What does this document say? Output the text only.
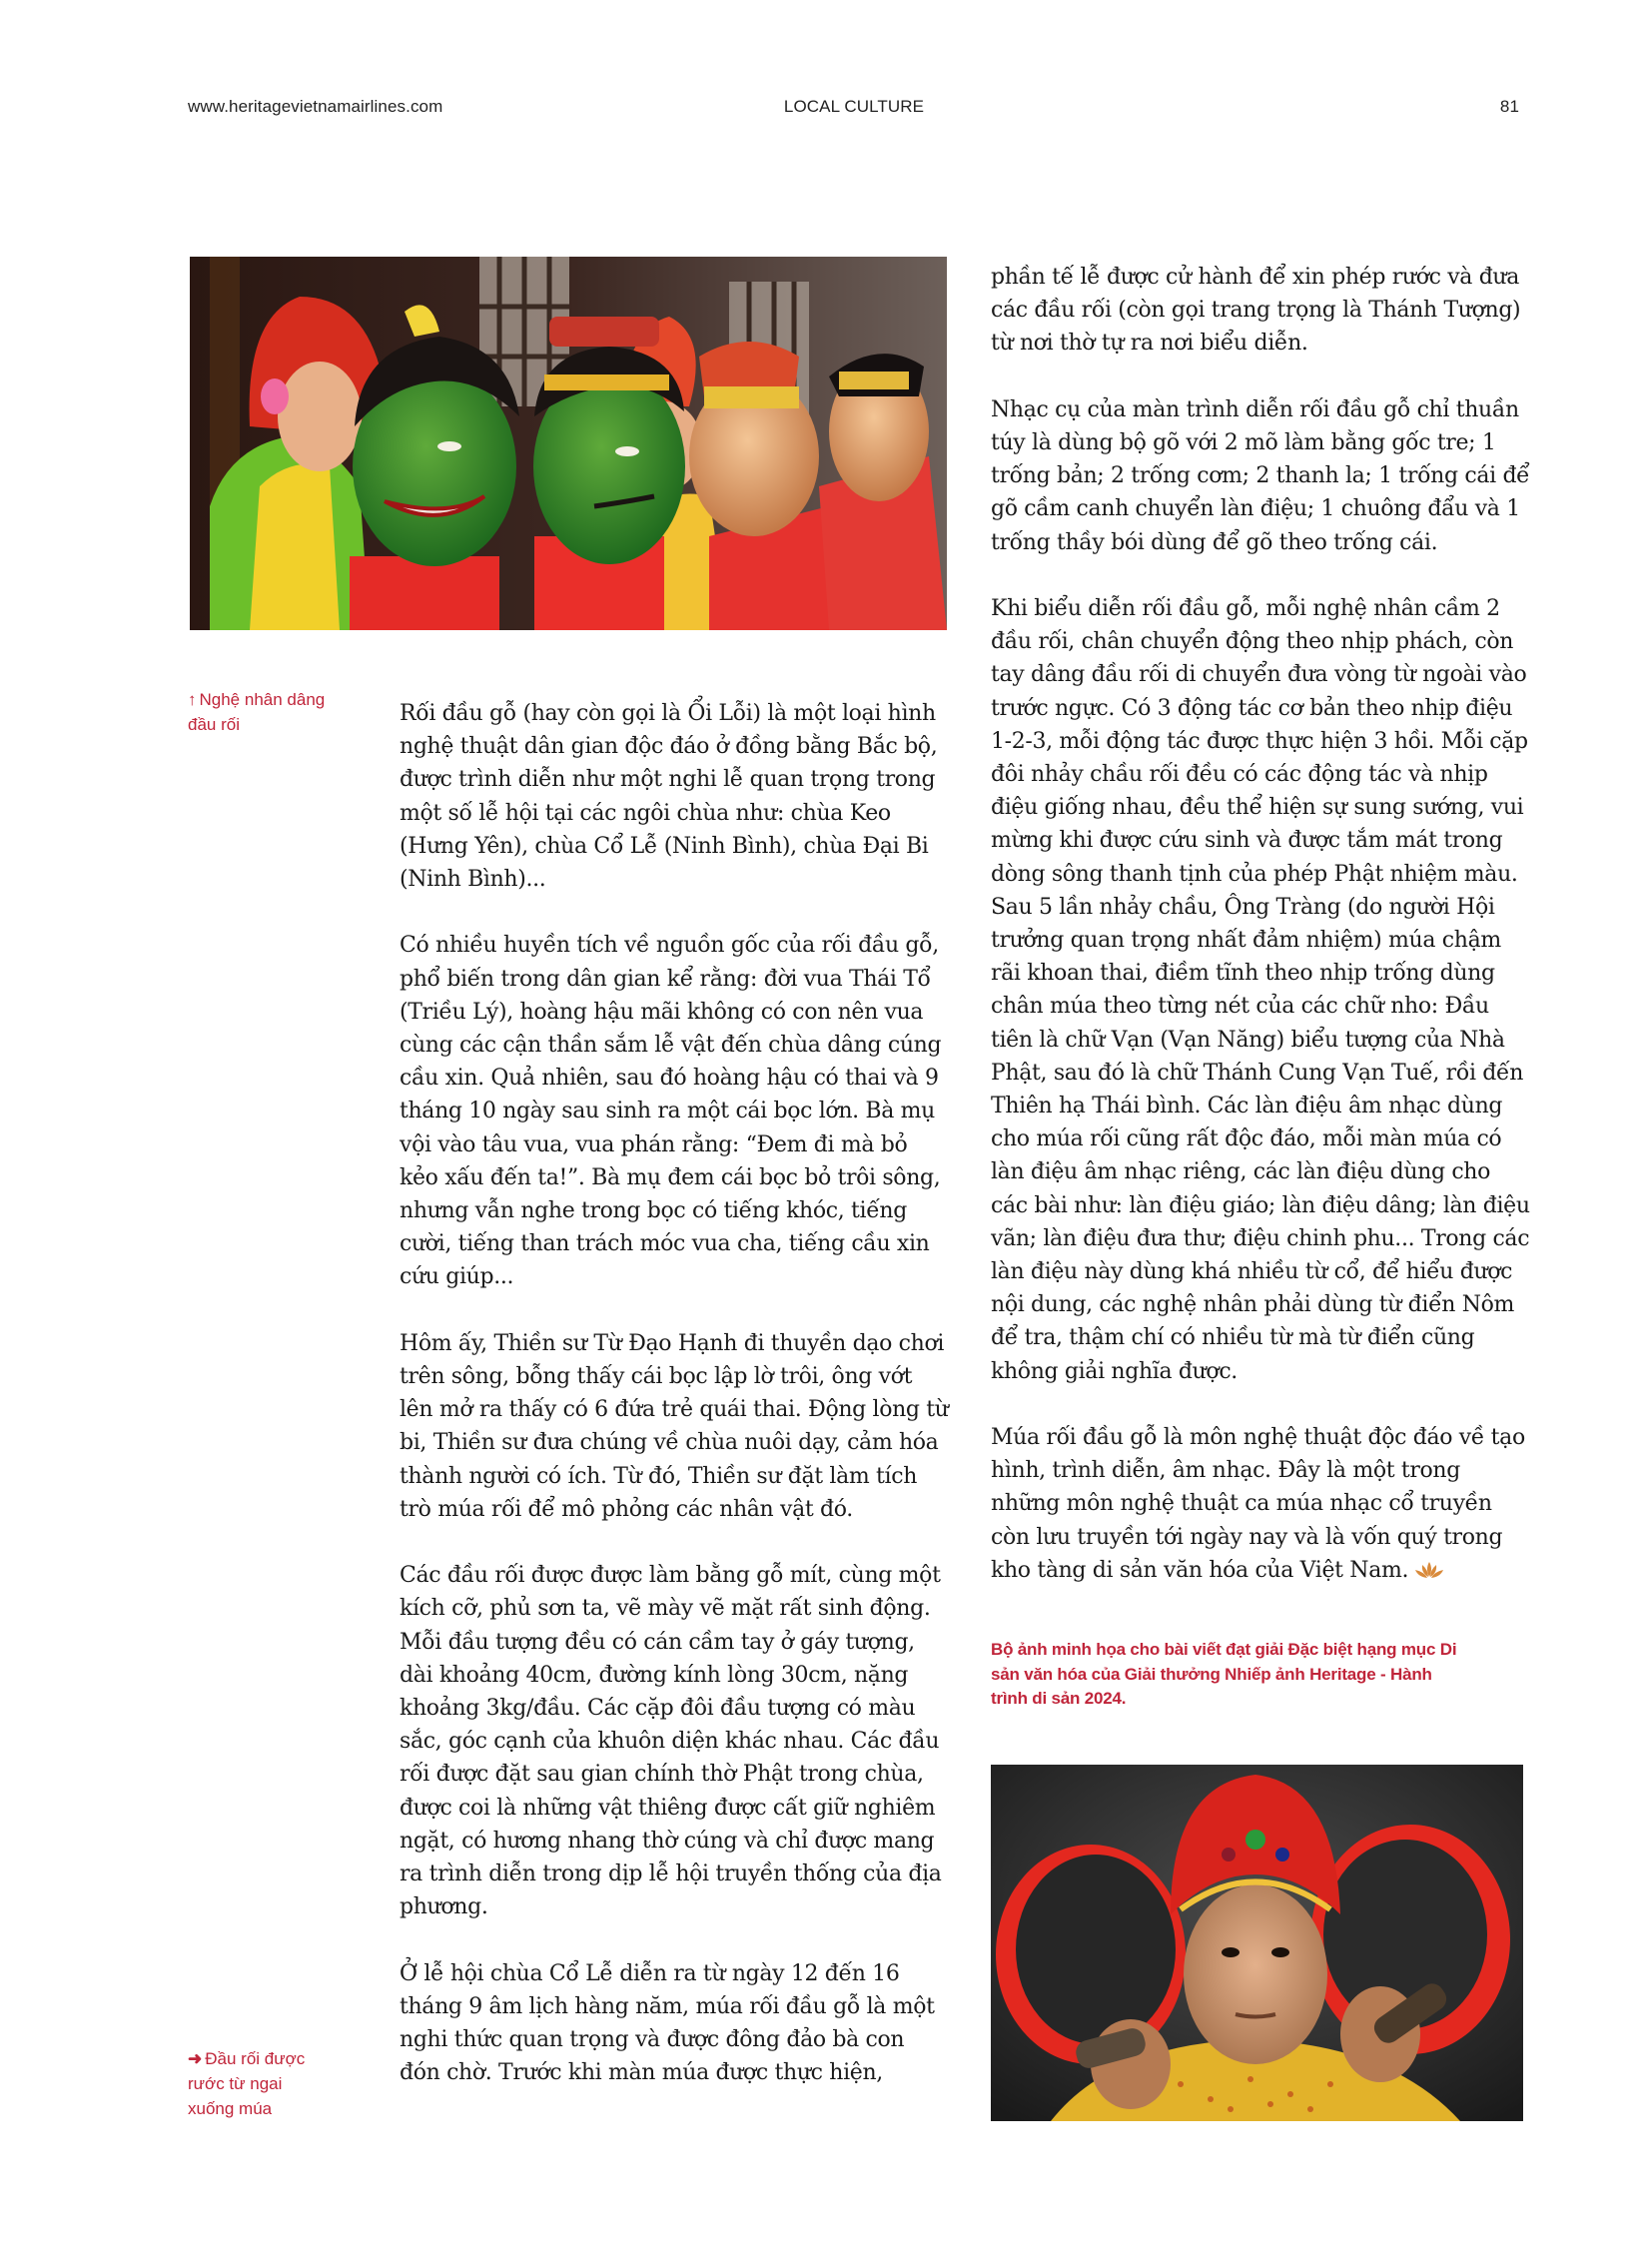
www.heritagevietnamairlines.com	LOCAL CULTURE	81
↑ Nghệ nhân dâng đầu rối
➜ Đầu rối được rước từ ngai xuống múa

Rối đầu gỗ (hay còn gọi là Ổi Lỗi) là một loại hình nghệ thuật dân gian độc đáo ở đồng bằng Bắc bộ, được trình diễn như một nghi lễ quan trọng trong một số lễ hội tại các ngôi chùa như: chùa Keo (Hưng Yên), chùa Cổ Lễ (Ninh Bình), chùa Đại Bi (Ninh Bình)...

Có nhiều huyền tích về nguồn gốc của rối đầu gỗ, phổ biến trong dân gian kể rằng: đời vua Thái Tổ (Triều Lý), hoàng hậu mãi không có con nên vua cùng các cận thần sắm lễ vật đến chùa dâng cúng cầu xin. Quả nhiên, sau đó hoàng hậu có thai và 9 tháng 10 ngày sau sinh ra một cái bọc lớn. Bà mụ vội vào tâu vua, vua phán rằng: “Đem đi mà bỏ kẻo xấu đến ta!”. Bà mụ đem cái bọc bỏ trôi sông, nhưng vẫn nghe trong bọc có tiếng khóc, tiếng cười, tiếng than trách móc vua cha, tiếng cầu xin cứu giúp...

Hôm ấy, Thiền sư Từ Đạo Hạnh đi thuyền dạo chơi trên sông, bỗng thấy cái bọc lập lờ trôi, ông vớt lên mở ra thấy có 6 đứa trẻ quái thai. Động lòng từ bi, Thiền sư đưa chúng về chùa nuôi dạy, cảm hóa thành người có ích. Từ đó, Thiền sư đặt làm tích trò múa rối để mô phỏng các nhân vật đó.

Các đầu rối được được làm bằng gỗ mít, cùng một kích cỡ, phủ sơn ta, vẽ mày vẽ mặt rất sinh động. Mỗi đầu tượng đều có cán cầm tay ở gáy tượng, dài khoảng 40cm, đường kính lòng 30cm, nặng khoảng 3kg/đầu. Các cặp đôi đầu tượng có màu sắc, góc cạnh của khuôn diện khác nhau. Các đầu rối được đặt sau gian chính thờ Phật trong chùa, được coi là những vật thiêng được cất giữ nghiêm ngặt, có hương nhang thờ cúng và chỉ được mang ra trình diễn trong dịp lễ hội truyền thống của địa phương.

Ở lễ hội chùa Cổ Lễ diễn ra từ ngày 12 đến 16 tháng 9 âm lịch hàng năm, múa rối đầu gỗ là một nghi thức quan trọng và được đông đảo bà con đón chờ. Trước khi màn múa được thực hiện,

phần tế lễ được cử hành để xin phép rước và đưa các đầu rối (còn gọi trang trọng là Thánh Tượng) từ nơi thờ tự ra nơi biểu diễn.

Nhạc cụ của màn trình diễn rối đầu gỗ chỉ thuần túy là dùng bộ gõ với 2 mõ làm bằng gốc tre; 1 trống bản; 2 trống cơm; 2 thanh la; 1 trống cái để gõ cầm canh chuyển làn điệu; 1 chuông đẩu và 1 trống thầy bói dùng để gõ theo trống cái.

Khi biểu diễn rối đầu gỗ, mỗi nghệ nhân cầm 2 đầu rối, chân chuyển động theo nhịp phách, còn tay dâng đầu rối di chuyển đưa vòng từ ngoài vào trước ngực. Có 3 động tác cơ bản theo nhịp điệu 1-2-3, mỗi động tác được thực hiện 3 hồi. Mỗi cặp đôi nhảy chầu rối đều có các động tác và nhịp điệu giống nhau, đều thể hiện sự sung sướng, vui mừng khi được cứu sinh và được tắm mát trong dòng sông thanh tịnh của phép Phật nhiệm màu. Sau 5 lần nhảy chầu, Ông Tràng (do người Hội trưởng quan trọng nhất đảm nhiệm) múa chậm rãi khoan thai, điềm tĩnh theo nhịp trống dùng chân múa theo từng nét của các chữ nho: Đầu tiên là chữ Vạn (Vạn Năng) biểu tượng của Nhà Phật, sau đó là chữ Thánh Cung Vạn Tuế, rồi đến Thiên hạ Thái bình. Các làn điệu âm nhạc dùng cho múa rối cũng rất độc đáo, mỗi màn múa có làn điệu âm nhạc riêng, các làn điệu dùng cho các bài như: làn điệu giáo; làn điệu dâng; làn điệu vãn; làn điệu đưa thư; điệu chinh phu... Trong các làn điệu này dùng khá nhiều từ cổ, để hiểu được nội dung, các nghệ nhân phải dùng từ điển Nôm để tra, thậm chí có nhiều từ mà từ điển cũng không giải nghĩa được.

Múa rối đầu gỗ là môn nghệ thuật độc đáo về tạo hình, trình diễn, âm nhạc. Đây là một trong những môn nghệ thuật ca múa nhạc cổ truyền còn lưu truyền tới ngày nay và là vốn quý trong kho tàng di sản văn hóa của Việt Nam.

Bộ ảnh minh họa cho bài viết đạt giải Đặc biệt hạng mục Di sản văn hóa của Giải thưởng Nhiếp ảnh Heritage - Hành trình di sản 2024.
